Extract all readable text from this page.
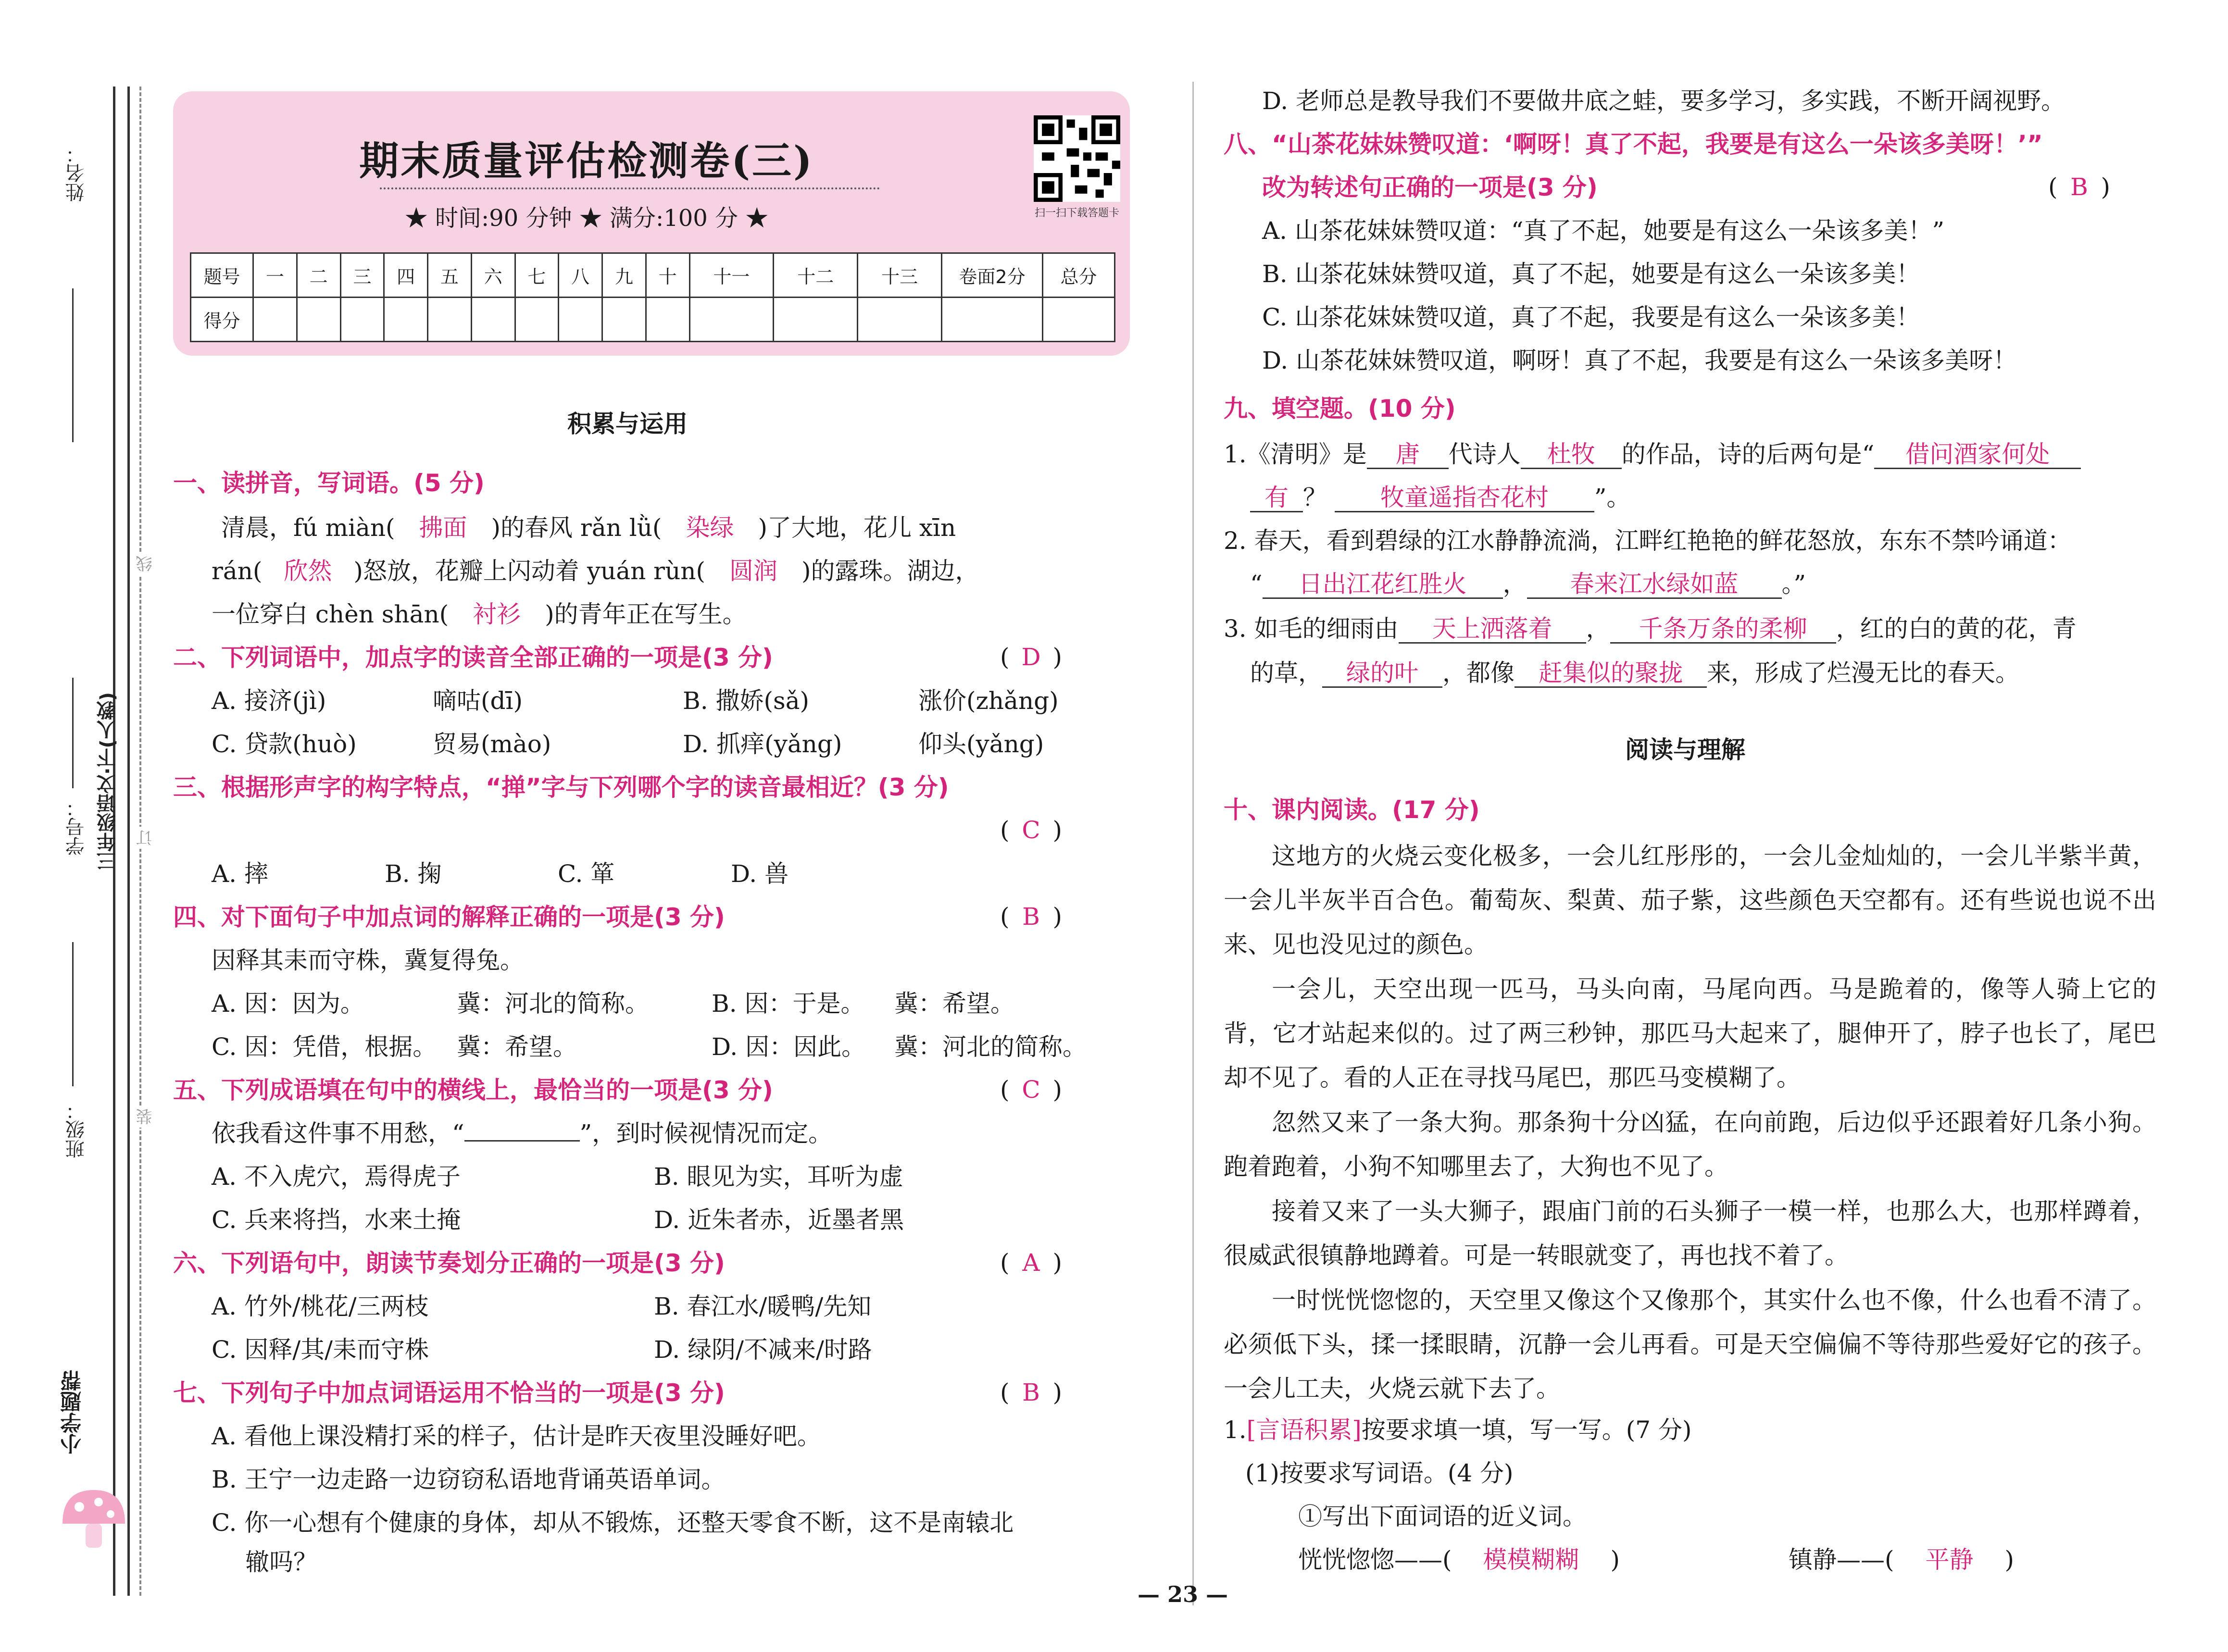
姓名：
学号： 三年级语文·下(人教)
班级：
线
订
装
小学题帮
期末质量评估检测卷(三)
★ 时间:90 分钟 ★ 满分:100 分 ★	扫一扫下载答题卡
题号	一	二	三	四	五	六	七	八	九	十	十一	十二	十三	卷面2分	总分
得分															
积累与运用
一、读拼音，写词语。(5 分)
清晨，fú miàn( 拂面 )的春风 rǎn lǜ( 染绿 )了大地，花儿 xīn
rán( 欣然 )怒放，花瓣上闪动着 yuán rùn( 圆润 )的露珠。湖边，
一位穿白 chèn shān( 衬衫 )的青年正在写生。
二、下列词语中，加点字的读音全部正确的一项是(3 分)	( D )
A. 接济(jì)	嘀咕(dī)	B. 撒娇(sǎ)	涨价(zhǎng)
C. 贷款(huò)	贸易(mào)	D. 抓痒(yǎng)	仰头(yǎng)
三、根据形声字的构字特点，“掸”字与下列哪个字的读音最相近？(3 分)
( C )
A. 摔	B. 掬	C. 箪	D. 兽
四、对下面句子中加点词的解释正确的一项是(3 分)	( B )
因释其耒而守株，冀复得兔。
A. 因：因为。	冀：河北的简称。	B. 因：于是。 冀：希望。
C. 因：凭借，根据。 冀：希望。	D. 因：因此。 冀：河北的简称。
五、下列成语填在句中的横线上，最恰当的一项是(3 分)	( C )
依我看这件事不用愁，“	”，到时候视情况而定。
A. 不入虎穴，焉得虎子	B. 眼见为实，耳听为虚
C. 兵来将挡，水来土掩	D. 近朱者赤，近墨者黑
六、下列语句中，朗读节奏划分正确的一项是(3 分)	( A )
A. 竹外/桃花/三两枝	B. 春江水/暖鸭/先知
C. 因释/其/耒而守株	D. 绿阴/不减来/时路
七、下列句子中加点词语运用不恰当的一项是(3 分)	( B )
A. 看他上课没精打采的样子，估计是昨天夜里没睡好吧。
B. 王宁一边走路一边窃窃私语地背诵英语单词。
C. 你一心想有个健康的身体，却从不锻炼，还整天零食不断，这不是南辕北
辙吗？
D. 老师总是教导我们不要做井底之蛙，要多学习，多实践，不断开阔视野。
八、“山茶花妹妹赞叹道：‘啊呀！真了不起，我要是有这么一朵该多美呀！’”
改为转述句正确的一项是(3 分)	( B )
A. 山茶花妹妹赞叹道：“真了不起，她要是有这么一朵该多美！”
B. 山茶花妹妹赞叹道，真了不起，她要是有这么一朵该多美！
C. 山茶花妹妹赞叹道，真了不起，我要是有这么一朵该多美！
D. 山茶花妹妹赞叹道，啊呀！真了不起，我要是有这么一朵该多美呀！
九、填空题。(10 分)
1.《清明》是 唐 代诗人 杜牧 的作品，诗的后两句是“ 借问酒家何处
有 ？ 牧童遥指杏花村 ”。
2. 春天，看到碧绿的江水静静流淌，江畔红艳艳的鲜花怒放，东东不禁吟诵道：
“ 日出江花红胜火 ， 春来江水绿如蓝 。”
3. 如毛的细雨由 天上洒落着 ， 千条万条的柔柳 ，红的白的黄的花，青
的草， 绿的叶 ，都像 赶集似的聚拢 来，形成了烂漫无比的春天。
阅读与理解
十、课内阅读。(17 分)
这地方的火烧云变化极多，一会儿红彤彤的，一会儿金灿灿的，一会儿半紫半黄，一会儿半灰半百合色。葡萄灰、梨黄、茄子紫，这些颜色天空都有。还有些说也说不出来、见也没见过的颜色。
一会儿，天空出现一匹马，马头向南，马尾向西。马是跪着的，像等人骑上它的背，它才站起来似的。过了两三秒钟，那匹马大起来了，腿伸开了，脖子也长了，尾巴却不见了。看的人正在寻找马尾巴，那匹马变模糊了。
忽然又来了一条大狗。那条狗十分凶猛，在向前跑，后边似乎还跟着好几条小狗。跑着跑着，小狗不知哪里去了，大狗也不见了。
接着又来了一头大狮子，跟庙门前的石头狮子一模一样，也那么大，也那样蹲着，很威武很镇静地蹲着。可是一转眼就变了，再也找不着了。
一时恍恍惚惚的，天空里又像这个又像那个，其实什么也不像，什么也看不清了。必须低下头，揉一揉眼睛，沉静一会儿再看。可是天空偏偏不等待那些爱好它的孩子。一会儿工夫，火烧云就下去了。
1.[言语积累]按要求填一填，写一写。(7 分)
(1)按要求写词语。(4 分)
①写出下面词语的近义词。
恍恍惚惚——( 模模糊糊 )	镇静——( 平静 )
— 23 —
